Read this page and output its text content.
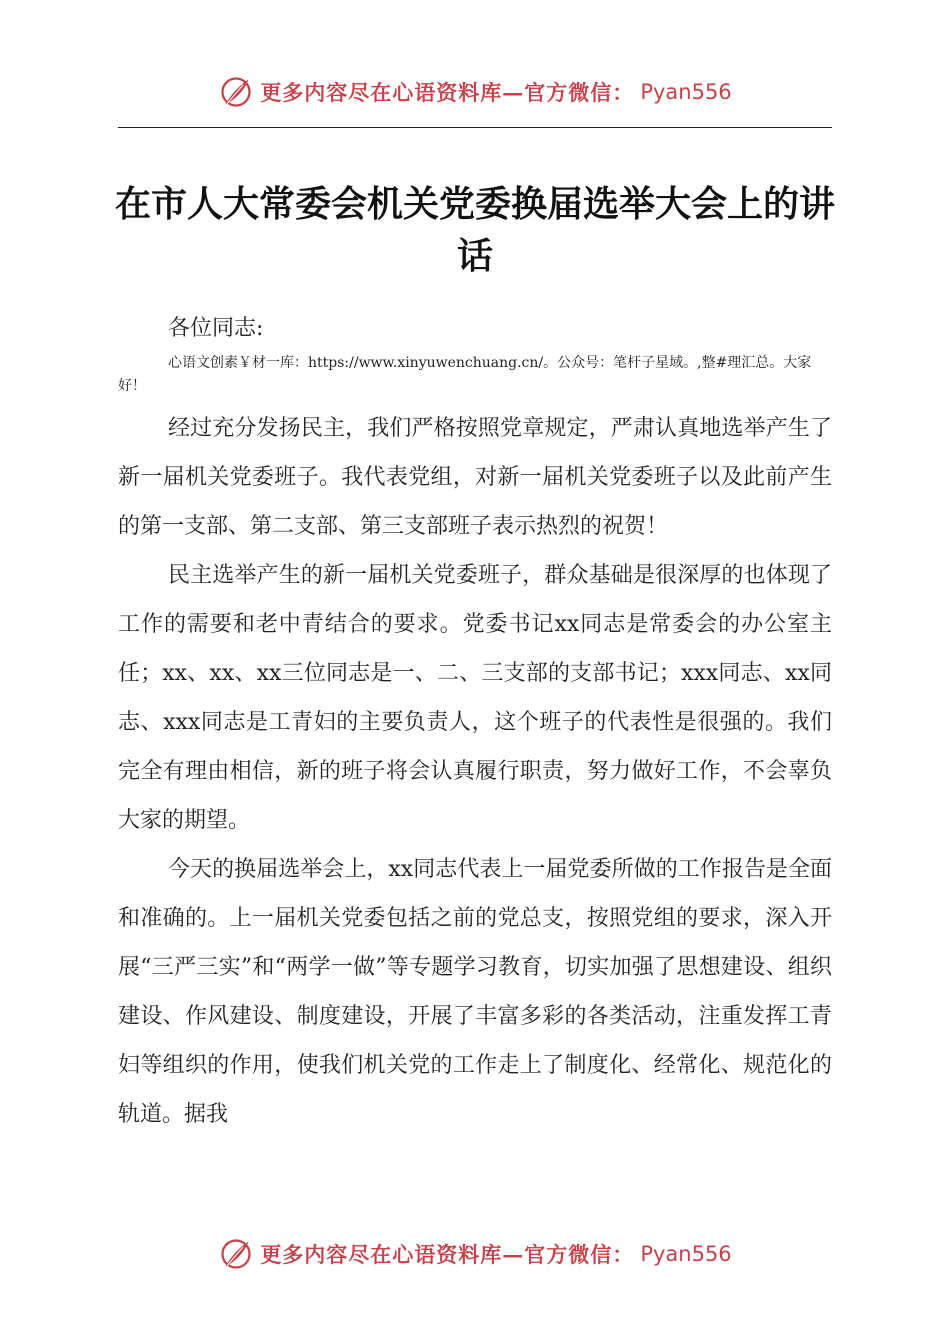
更多内容尽在心语资料库—官方微信： Pyan556
在市人大常委会机关党委换届选举大会上的讲话
各位同志:
心语文创素￥材一库：https://www.xinyuwenchuang.cn/。公众号：笔杆子星域。,整#理汇总。大家好！

经过充分发扬民主，我们严格按照党章规定，严肃认真地选举产生了新一届机关党委班子。我代表党组，对新一届机关党委班子以及此前产生的第一支部、第二支部、第三支部班子表示热烈的祝贺！

民主选举产生的新一届机关党委班子，群众基础是很深厚的也体现了工作的需要和老中青结合的要求。党委书记xx同志是常委会的办公室主任；xx、xx、xx三位同志是一、二、三支部的支部书记；xxx同志、xx同志、xxx同志是工青妇的主要负责人，这个班子的代表性是很强的。我们完全有理由相信，新的班子将会认真履行职责，努力做好工作，不会辜负大家的期望。

今天的换届选举会上，xx同志代表上一届党委所做的工作报告是全面和准确的。上一届机关党委包括之前的党总支，按照党组的要求，深入开展“三严三实”和“两学一做”等专题学习教育，切实加强了思想建设、组织建设、作风建设、制度建设，开展了丰富多彩的各类活动，注重发挥工青妇等组织的作用，使我们机关党的工作走上了制度化、经常化、规范化的轨道。据我

更多内容尽在心语资料库—官方微信： Pyan556
